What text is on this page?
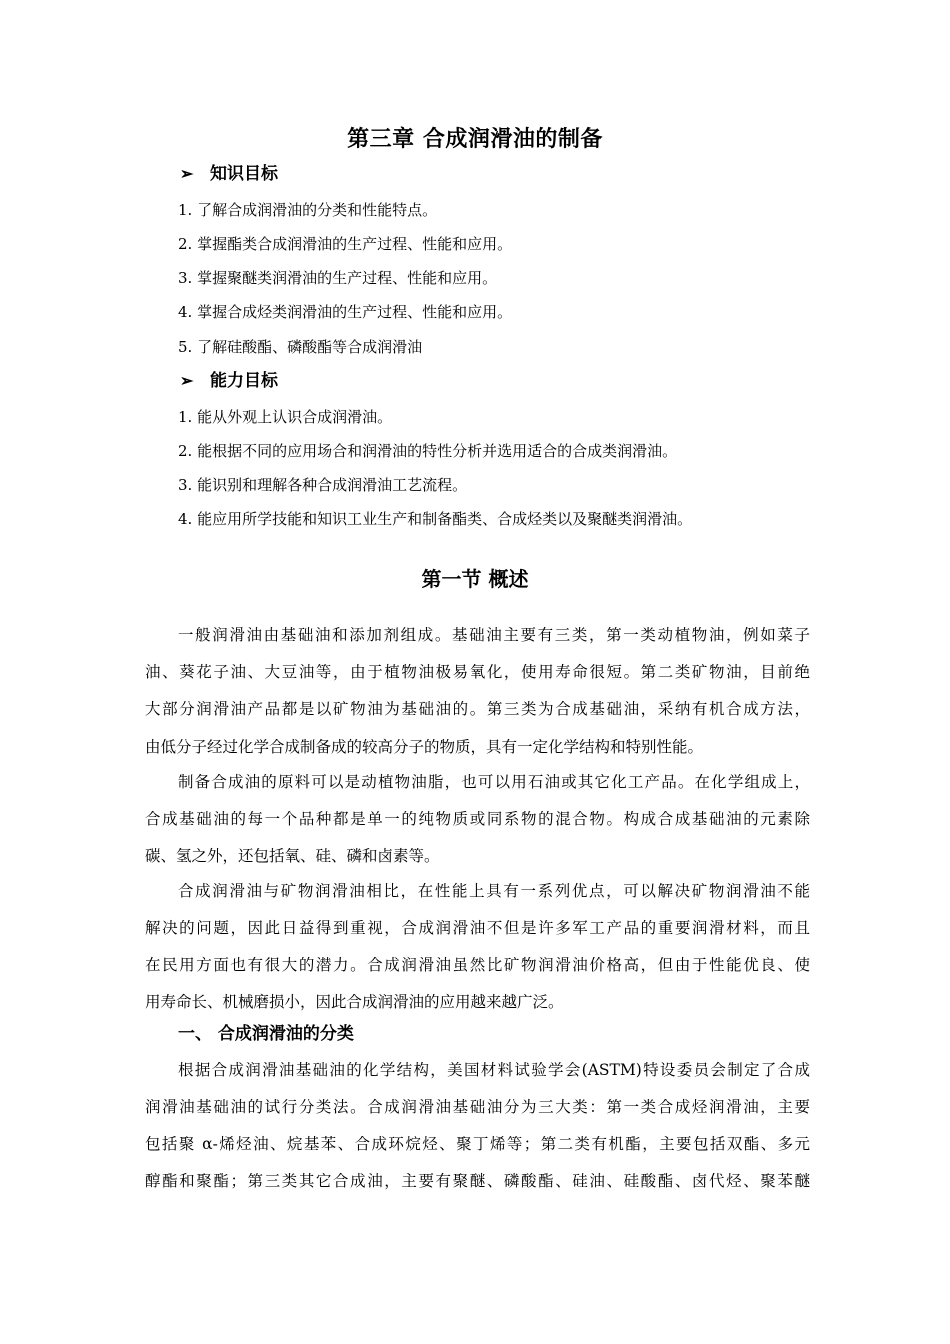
第三章 合成润滑油的制备
➢ 知识目标
1. 了解合成润滑油的分类和性能特点。
2. 掌握酯类合成润滑油的生产过程、性能和应用。
3. 掌握聚醚类润滑油的生产过程、性能和应用。
4. 掌握合成烃类润滑油的生产过程、性能和应用。
5. 了解硅酸酯、磷酸酯等合成润滑油
➢ 能力目标
1. 能从外观上认识合成润滑油。
2. 能根据不同的应用场合和润滑油的特性分析并选用适合的合成类润滑油。
3. 能识别和理解各种合成润滑油工艺流程。
4. 能应用所学技能和知识工业生产和制备酯类、合成烃类以及聚醚类润滑油。
第一节 概述
一般润滑油由基础油和添加剂组成。基础油主要有三类，第一类动植物油，例如菜子
油、葵花子油、大豆油等，由于植物油极易氧化，使用寿命很短。第二类矿物油，目前绝
大部分润滑油产品都是以矿物油为基础油的。第三类为合成基础油，采纳有机合成方法，
由低分子经过化学合成制备成的较高分子的物质，具有一定化学结构和特别性能。
制备合成油的原料可以是动植物油脂，也可以用石油或其它化工产品。在化学组成上，
合成基础油的每一个品种都是单一的纯物质或同系物的混合物。构成合成基础油的元素除
碳、氢之外，还包括氧、硅、磷和卤素等。
合成润滑油与矿物润滑油相比，在性能上具有一系列优点，可以解决矿物润滑油不能
解决的问题，因此日益得到重视，合成润滑油不但是许多军工产品的重要润滑材料，而且
在民用方面也有很大的潜力。合成润滑油虽然比矿物润滑油价格高，但由于性能优良、使
用寿命长、机械磨损小，因此合成润滑油的应用越来越广泛。
一、 合成润滑油的分类
根据合成润滑油基础油的化学结构，美国材料试验学会(ASTM)特设委员会制定了合成
润滑油基础油的试行分类法。合成润滑油基础油分为三大类：第一类合成烃润滑油，主要
包括聚 α-烯烃油、烷基苯、合成环烷烃、聚丁烯等；第二类有机酯，主要包括双酯、多元
醇酯和聚酯；第三类其它合成油，主要有聚醚、磷酸酯、硅油、硅酸酯、卤代烃、聚苯醚
